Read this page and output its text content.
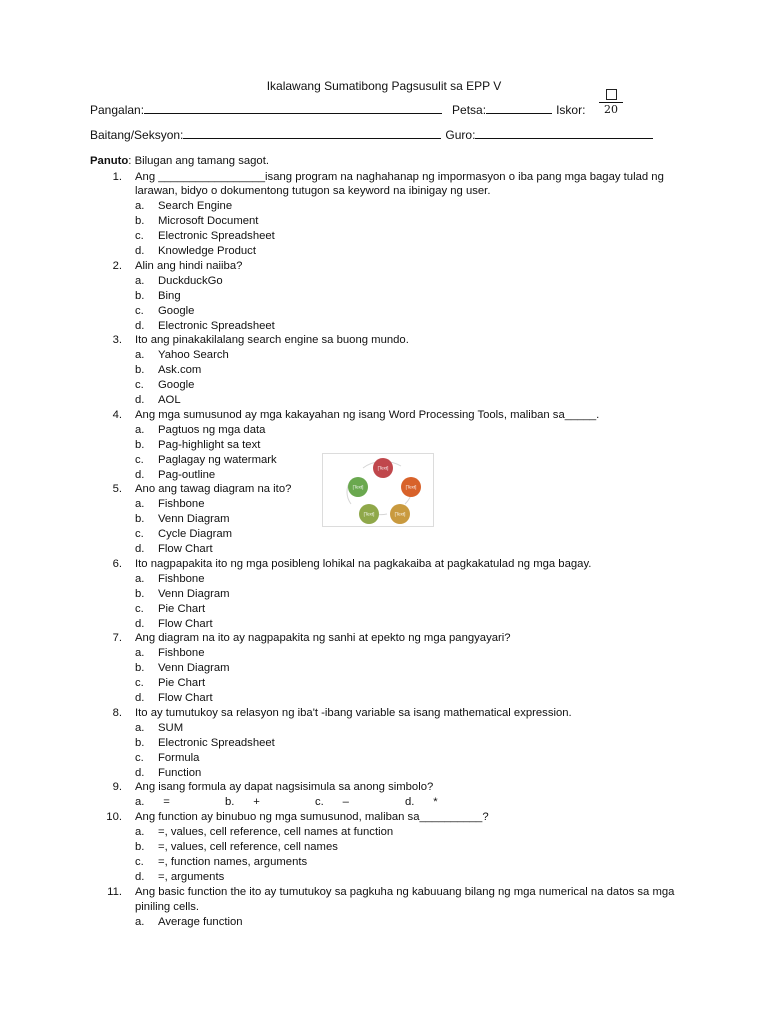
Ikalawang Sumatibong Pagsusulit sa EPP V
Pangalan:	Petsa:	Iskor:	20
Baitang/Seksyon:	Guro:
Panuto: Bilugan ang tamang sagot.
1. Ang _________________isang program na naghahanap ng impormasyon o iba pang mga bagay tulad ng
larawan, bidyo o dokumentong tutugon sa keyword na ibinigay ng user.
a.	Search Engine
b.	Microsoft Document
c.	Electronic Spreadsheet
d.	Knowledge Product
2. Alin ang hindi naiiba?
a.	DuckduckGo
b.	Bing
c.	Google
d.	Electronic Spreadsheet
3. Ito ang pinakakilalang search engine sa buong mundo.
a.	Yahoo Search
b.	Ask.com
c.	Google
d.	AOL
4. Ang mga sumusunod ay mga kakayahan ng isang Word Processing Tools, maliban sa_____.
a.	Pagtuos ng mga data
b.	Pag-highlight sa text
c.	Paglagay ng watermark
d.	Pag-outline
5. Ano ang tawag diagram na ito?
a.	Fishbone
b.	Venn Diagram
c.	Cycle Diagram
d.	Flow Chart
6. Ito nagpapakita ito ng mga posibleng lohikal na pagkakaiba at pagkakatulad ng mga bagay.
a.	Fishbone
b.	Venn Diagram
c.	Pie Chart
d.	Flow Chart
7. Ang diagram na ito ay nagpapakita ng sanhi at epekto ng mga pangyayari?
a.	Fishbone
b.	Venn Diagram
c.	Pie Chart
d.	Flow Chart
8. Ito ay tumutukoy sa relasyon ng iba't -ibang variable sa isang mathematical expression.
a.	SUM
b.	Electronic Spreadsheet
c.	Formula
d.	Function
9. Ang isang formula ay dapat nagsisimula sa anong simbolo?
a.      =	b.      +	c.      –	d.      *
10. Ang function ay binubuo ng mga sumusunod, maliban sa__________?
a.	=, values, cell reference, cell names at function
b.	=, values, cell reference, cell names
c.	=, function names, arguments
d.	=, arguments
11. Ang basic function the ito ay tumutukoy sa pagkuha ng kabuuang bilang ng mga numerical na datos sa mga
piniling cells.
a.	Average function
[Text]
[Text]
[Text]
[Text]
[Text]
